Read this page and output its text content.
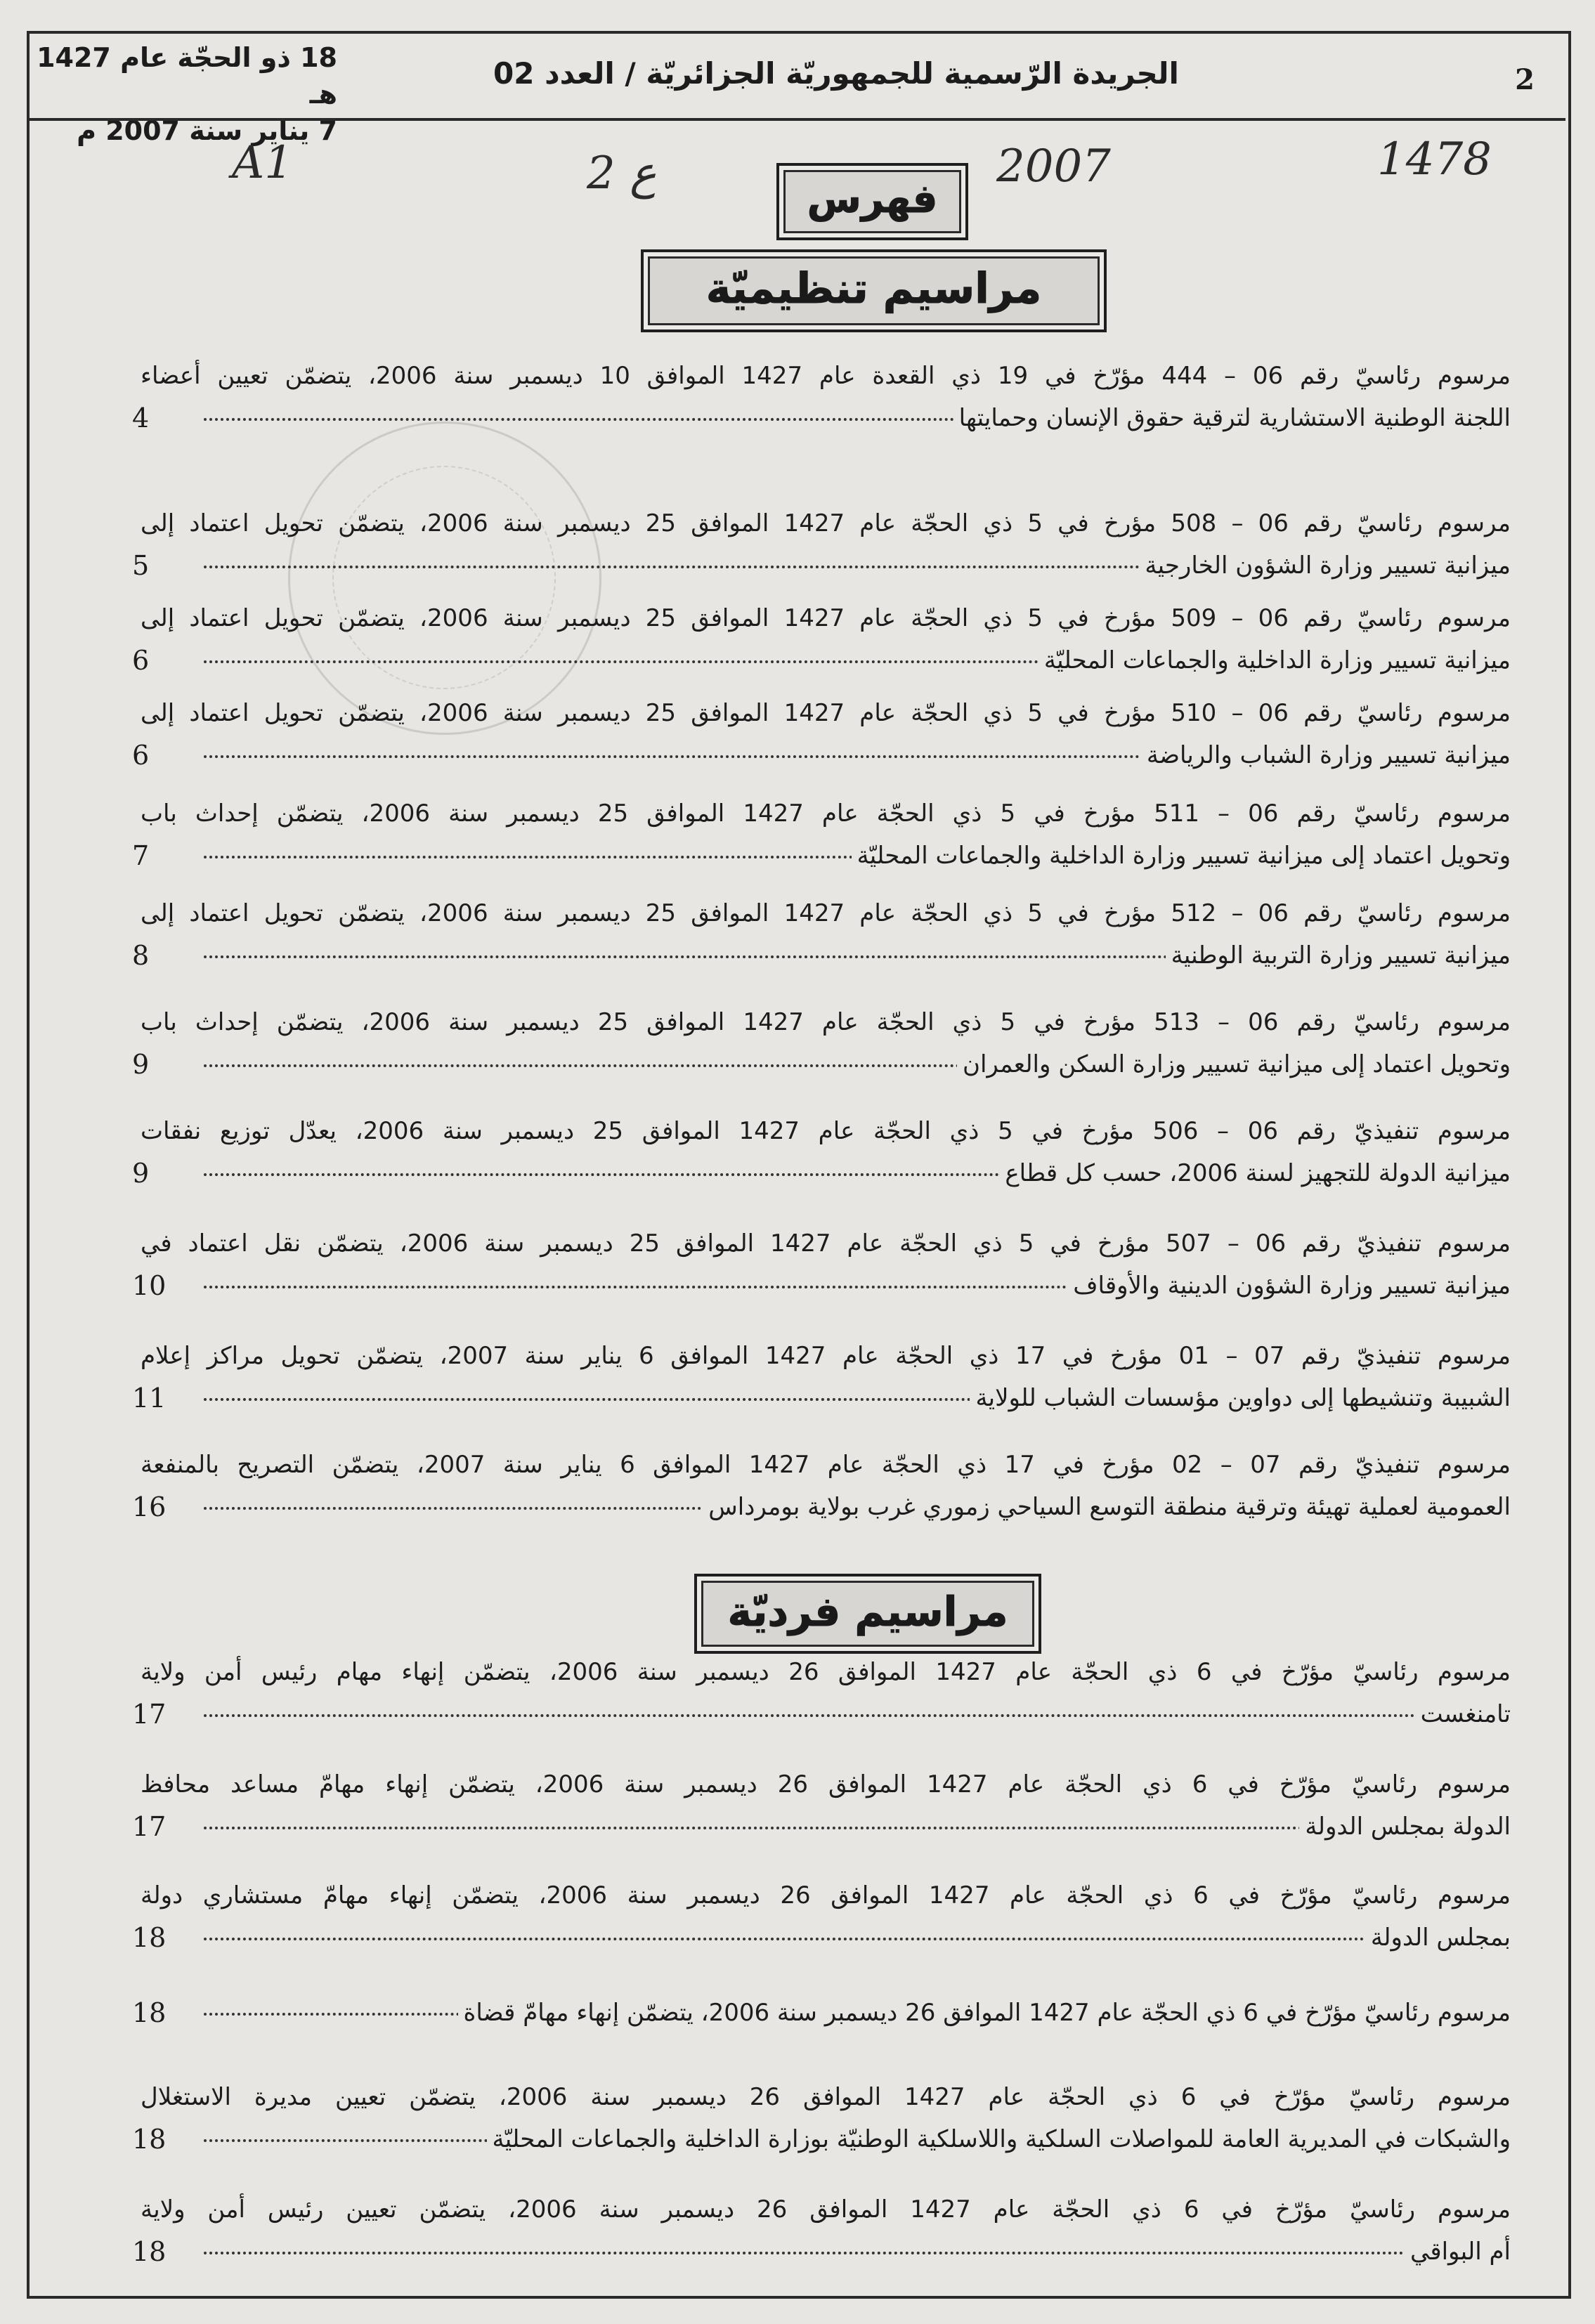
18 ذو الحجّة عام 1427 هـ
7 يناير سنة 2007 م
الجريدة الرّسمية للجمهوريّة الجزائريّة / العدد 02	2
A1	2 ع	2007	1478
فهرس
مراسيم تنظيميّة
مراسيم فرديّة
مرسوم رئاسيّ رقم 06 – 444 مؤرّخ في 19 ذي القعدة عام 1427 الموافق 10 ديسمبر سنة 2006، يتضمّن تعيين أعضاء
اللجنة الوطنية الاستشارية لترقية حقوق الإنسان وحمايتها
4
مرسوم رئاسيّ رقم 06 – 508 مؤرخ في 5 ذي الحجّة عام 1427 الموافق 25 ديسمبر سنة 2006، يتضمّن تحويل اعتماد إلى
ميزانية تسيير وزارة الشؤون الخارجية
5
مرسوم رئاسيّ رقم 06 – 509 مؤرخ في 5 ذي الحجّة عام 1427 الموافق 25 ديسمبر سنة 2006، يتضمّن تحويل اعتماد إلى
ميزانية تسيير وزارة الداخلية والجماعات المحليّة
6
مرسوم رئاسيّ رقم 06 – 510 مؤرخ في 5 ذي الحجّة عام 1427 الموافق 25 ديسمبر سنة 2006، يتضمّن تحويل اعتماد إلى
ميزانية تسيير وزارة الشباب والرياضة
6
مرسوم رئاسيّ رقم 06 – 511 مؤرخ في 5 ذي الحجّة عام 1427 الموافق 25 ديسمبر سنة 2006، يتضمّن إحداث باب
وتحويل اعتماد إلى ميزانية تسيير وزارة الداخلية والجماعات المحليّة
7
مرسوم رئاسيّ رقم 06 – 512 مؤرخ في 5 ذي الحجّة عام 1427 الموافق 25 ديسمبر سنة 2006، يتضمّن تحويل اعتماد إلى
ميزانية تسيير وزارة التربية الوطنية
8
مرسوم رئاسيّ رقم 06 – 513 مؤرخ في 5 ذي الحجّة عام 1427 الموافق 25 ديسمبر سنة 2006، يتضمّن إحداث باب
وتحويل اعتماد إلى ميزانية تسيير وزارة السكن والعمران
9
مرسوم تنفيذيّ رقم 06 – 506 مؤرخ في 5 ذي الحجّة عام 1427 الموافق 25 ديسمبر سنة 2006، يعدّل توزيع نفقات
ميزانية الدولة للتجهيز لسنة 2006، حسب كل قطاع
9
مرسوم تنفيذيّ رقم 06 – 507 مؤرخ في 5 ذي الحجّة عام 1427 الموافق 25 ديسمبر سنة 2006، يتضمّن نقل اعتماد في
ميزانية تسيير وزارة الشؤون الدينية والأوقاف
10
مرسوم تنفيذيّ رقم 07 – 01 مؤرخ في 17 ذي الحجّة عام 1427 الموافق 6 يناير سنة 2007، يتضمّن تحويل مراكز إعلام
الشبيبة وتنشيطها إلى دواوين مؤسسات الشباب للولاية
11
مرسوم تنفيذيّ رقم 07 – 02 مؤرخ في 17 ذي الحجّة عام 1427 الموافق 6 يناير سنة 2007، يتضمّن التصريح بالمنفعة
العمومية لعملية تهيئة وترقية منطقة التوسع السياحي زموري غرب بولاية بومرداس
16
مرسوم رئاسيّ مؤرّخ في 6 ذي الحجّة عام 1427 الموافق 26 ديسمبر سنة 2006، يتضمّن إنهاء مهام رئيس أمن ولاية
تامنغست
17
مرسوم رئاسيّ مؤرّخ في 6 ذي الحجّة عام 1427 الموافق 26 ديسمبر سنة 2006، يتضمّن إنهاء مهامّ مساعد محافظ
الدولة بمجلس الدولة
17
مرسوم رئاسيّ مؤرّخ في 6 ذي الحجّة عام 1427 الموافق 26 ديسمبر سنة 2006، يتضمّن إنهاء مهامّ مستشاري دولة
بمجلس الدولة
18
مرسوم رئاسيّ مؤرّخ في 6 ذي الحجّة عام 1427 الموافق 26 ديسمبر سنة 2006، يتضمّن إنهاء مهامّ قضاة
18
مرسوم رئاسيّ مؤرّخ في 6 ذي الحجّة عام 1427 الموافق 26 ديسمبر سنة 2006، يتضمّن تعيين مديرة الاستغلال
والشبكات في المديرية العامة للمواصلات السلكية واللاسلكية الوطنيّة بوزارة الداخلية والجماعات المحليّة
18
مرسوم رئاسيّ مؤرّخ في 6 ذي الحجّة عام 1427 الموافق 26 ديسمبر سنة 2006، يتضمّن تعيين رئيس أمن ولاية
أم البواقي
18
